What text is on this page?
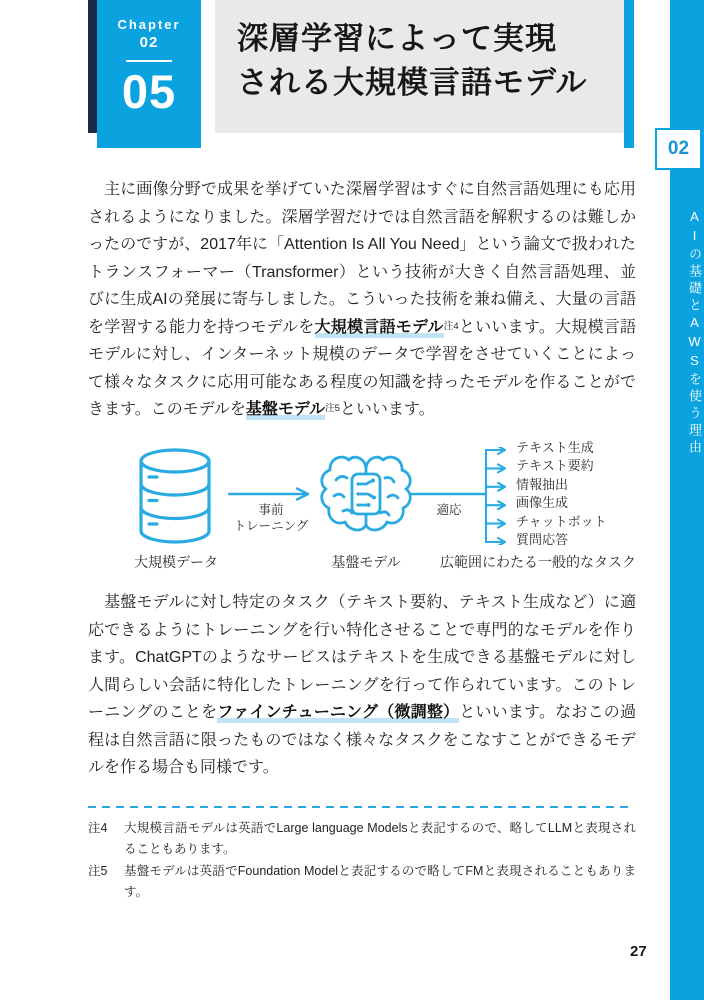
Chapter
02
05

深層学習によって実現

される大規模言語モデル

02
AIの基礎とAWSを使う理由

　主に画像分野で成果を挙げていた深層学習はすぐに自然言語処理にも応用されるようになりました。深層学習だけでは自然言語を解釈するのは難しかったのですが、2017年に「Attention Is All You Need」という論文で扱われたトランスフォーマー（Transformer）という技術が大きく自然言語処理、並びに生成AIの発展に寄与しました。こういった技術を兼ね備え、大量の言語を学習する能力を持つモデルを大規模言語モデル$^{注4}$といいます。大規模言語モデルに対し、インターネット規模のデータで学習をさせていくことによって様々なタスクに応用可能なある程度の知識を持ったモデルを作ることができます。このモデルを基盤モデル$^{注5}$といいます。

　基盤モデルに対し特定のタスク（テキスト要約、テキスト生成など）に適応できるようにトレーニングを行い特化させることで専門的なモデルを作ります。ChatGPTのようなサービスはテキストを生成できる基盤モデルに対し人間らしい会話に特化したトレーニングを行って作られています。このトレーニングのことをファインチューニング（微調整）といいます。なおこの過程は自然言語に限ったものではなく様々なタスクをこなすことができるモデルを作る場合も同様です。

大規模データ
事前
トレーニング
基盤モデル
適応
テキスト生成
テキスト要約
情報抽出
画像生成
チャットボット
質問応答
広範囲にわたる一般的なタスク
注4	大規模言語モデルは英語でLarge language Modelsと表記するので、略してLLMと表現されることもあります。
注5	基盤モデルは英語でFoundation Modelと表記するので略してFMと表現されることもあります。
27
